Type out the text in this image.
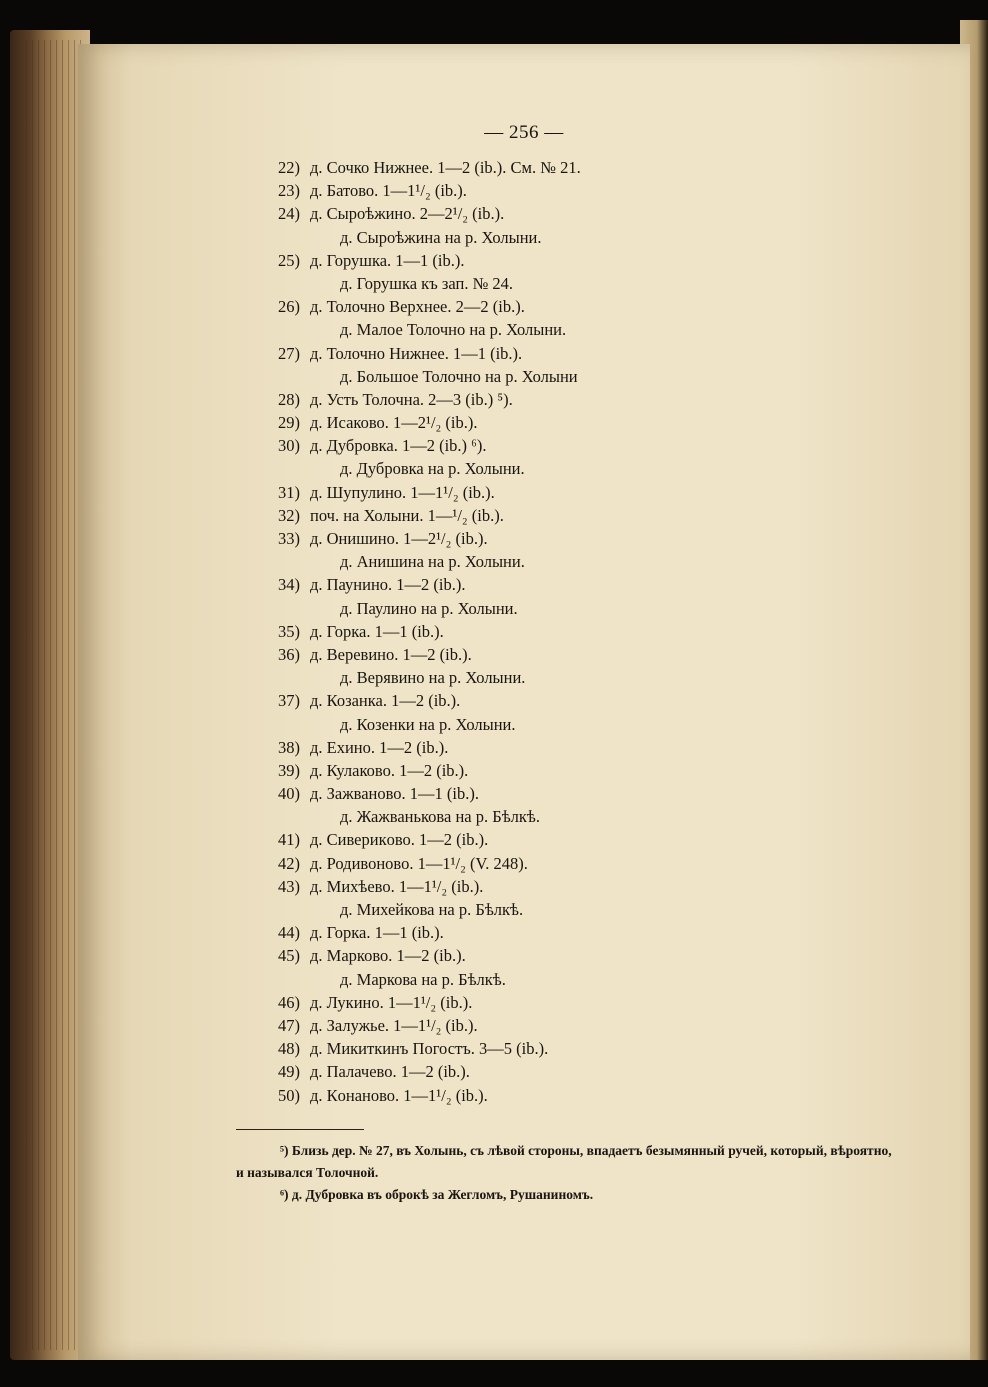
— 256 —
22) д. Сочко Нижнее. 1—2 (ib.). См. № 21.
23) д. Батово. 1—1¹/₂ (ib.).
24) д. Сыроѣжино. 2—2¹/₂ (ib.).
д. Сыроѣжина на р. Холыни.
25) д. Горушка. 1—1 (ib.).
д. Горушка къ зап. № 24.
26) д. Толочно Верхнее. 2—2 (ib.).
д. Малое Толочно на р. Холыни.
27) д. Толочно Нижнее. 1—1 (ib.).
д. Большое Толочно на р. Холыни
28) д. Усть Толочна. 2—3 (ib.) ⁵).
29) д. Исаково. 1—2¹/₂ (ib.).
30) д. Дубровка. 1—2 (ib.) ⁶).
д. Дубровка на р. Холыни.
31) д. Шупулино. 1—1¹/₂ (ib.).
32) поч. на Холыни. 1—¹/₂ (ib.).
33) д. Онишино. 1—2¹/₂ (ib.).
д. Анишина на р. Холыни.
34) д. Паунино. 1—2 (ib.).
д. Паулино на р. Холыни.
35) д. Горка. 1—1 (ib.).
36) д. Веревино. 1—2 (ib.).
д. Верявино на р. Холыни.
37) д. Козанка. 1—2 (ib.).
д. Козенки на р. Холыни.
38) д. Ехино. 1—2 (ib.).
39) д. Кулаково. 1—2 (ib.).
40) д. Зажваново. 1—1 (ib.).
д. Жажванькова на р. Бѣлкѣ.
41) д. Сиверикoво. 1—2 (ib.).
42) д. Родивоново. 1—1¹/₂ (V. 248).
43) д. Михѣево. 1—1¹/₂ (ib.).
д. Михейкова на р. Бѣлкѣ.
44) д. Горка. 1—1 (ib.).
45) д. Марково. 1—2 (ib.).
д. Маркова на р. Бѣлкѣ.
46) д. Лукино. 1—1¹/₂ (ib.).
47) д. Залужье. 1—1¹/₂ (ib.).
48) д. Микиткинъ Погостъ. 3—5 (ib.).
49) д. Палачево. 1—2 (ib.).
50) д. Кoнаново. 1—1¹/₂ (ib.).
⁵) Близь дер. № 27, въ Холынь, съ лѣвой стороны, впадаетъ безымянный ручей, который, вѣроятно, и назывался Толочной.
⁶) д. Дубровка въ оброкѣ за Жегломъ, Рушаниномъ.
